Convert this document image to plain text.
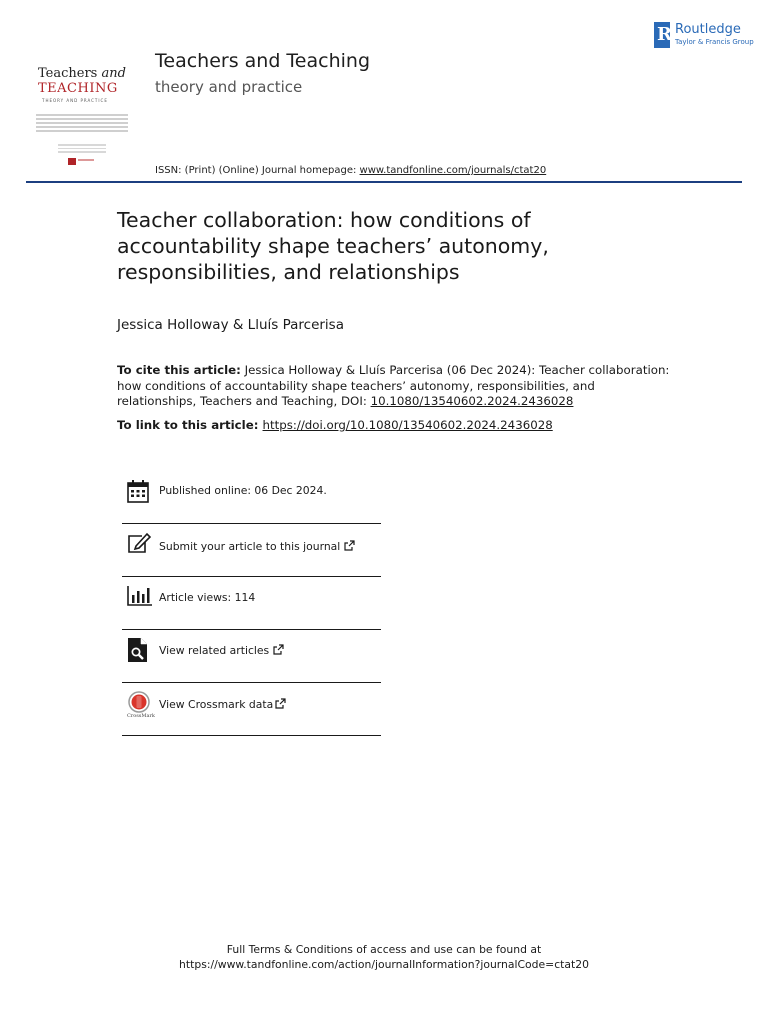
Teachers and
TEACHING
THEORY AND PRACTICE
Teachers and Teaching
theory and practice
ISSN: (Print) (Online) Journal homepage: www.tandfonline.com/journals/ctat20
R Routledge
Taylor & Francis Group
Teacher collaboration: how conditions of accountability shape teachers’ autonomy, responsibilities, and relationships
Jessica Holloway & Lluís Parcerisa
To cite this article: Jessica Holloway & Lluís Parcerisa (06 Dec 2024): Teacher collaboration: how conditions of accountability shape teachers’ autonomy, responsibilities, and relationships, Teachers and Teaching, DOI: 10.1080/13540602.2024.2436028
To link to this article: https://doi.org/10.1080/13540602.2024.2436028
Published online: 06 Dec 2024.
Submit your article to this journal
Article views: 114
View related articles
CrossMark
View Crossmark data
Full Terms & Conditions of access and use can be found at
https://www.tandfonline.com/action/journalInformation?journalCode=ctat20
